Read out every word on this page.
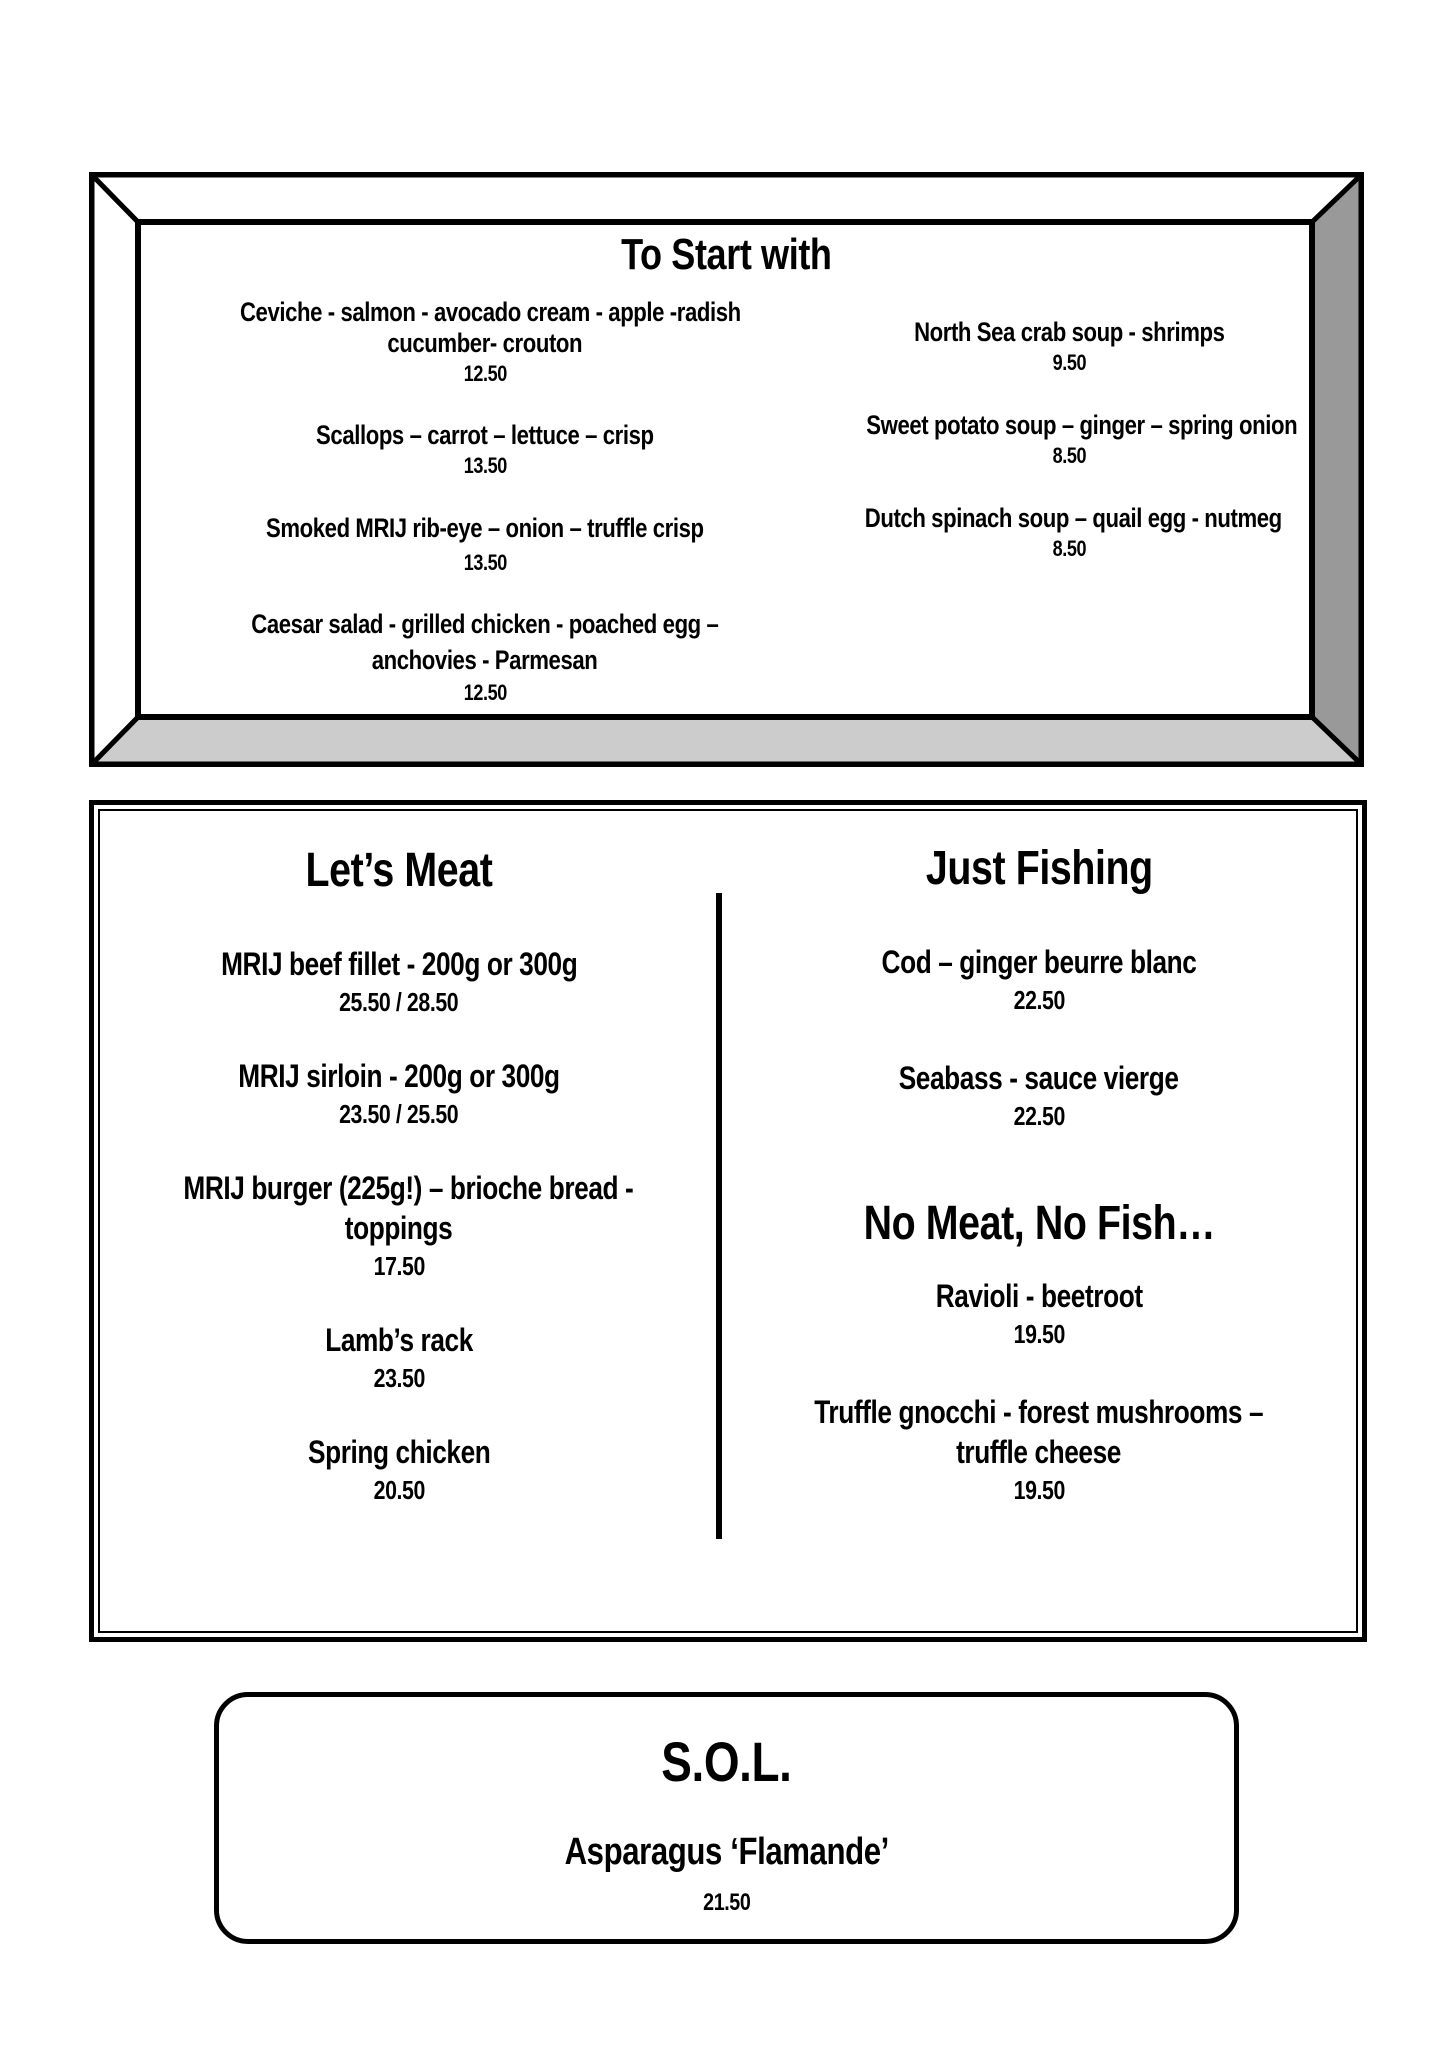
To Start with
Ceviche - salmon - avocado cream - apple -radish
cucumber- crouton
12.50
Scallops – carrot – lettuce – crisp
13.50
Smoked MRIJ rib-eye – onion – truffle crisp
13.50
Caesar salad - grilled chicken - poached egg –
anchovies - Parmesan
12.50
North Sea crab soup - shrimps
9.50
Sweet potato soup – ginger – spring onion
8.50
Dutch spinach soup – quail egg - nutmeg
8.50
Let’s Meat
MRIJ beef fillet - 200g or 300g
25.50 / 28.50
MRIJ sirloin - 200g or 300g
23.50 / 25.50
MRIJ burger (225g!) – brioche bread -
toppings
17.50
Lamb’s rack
23.50
Spring chicken
20.50
Just Fishing
Cod – ginger beurre blanc
22.50
Seabass - sauce vierge
22.50
No Meat, No Fish…
Ravioli - beetroot
19.50
Truffle gnocchi - forest mushrooms –
truffle cheese
19.50
S.O.L.
Asparagus ‘Flamande’
21.50
